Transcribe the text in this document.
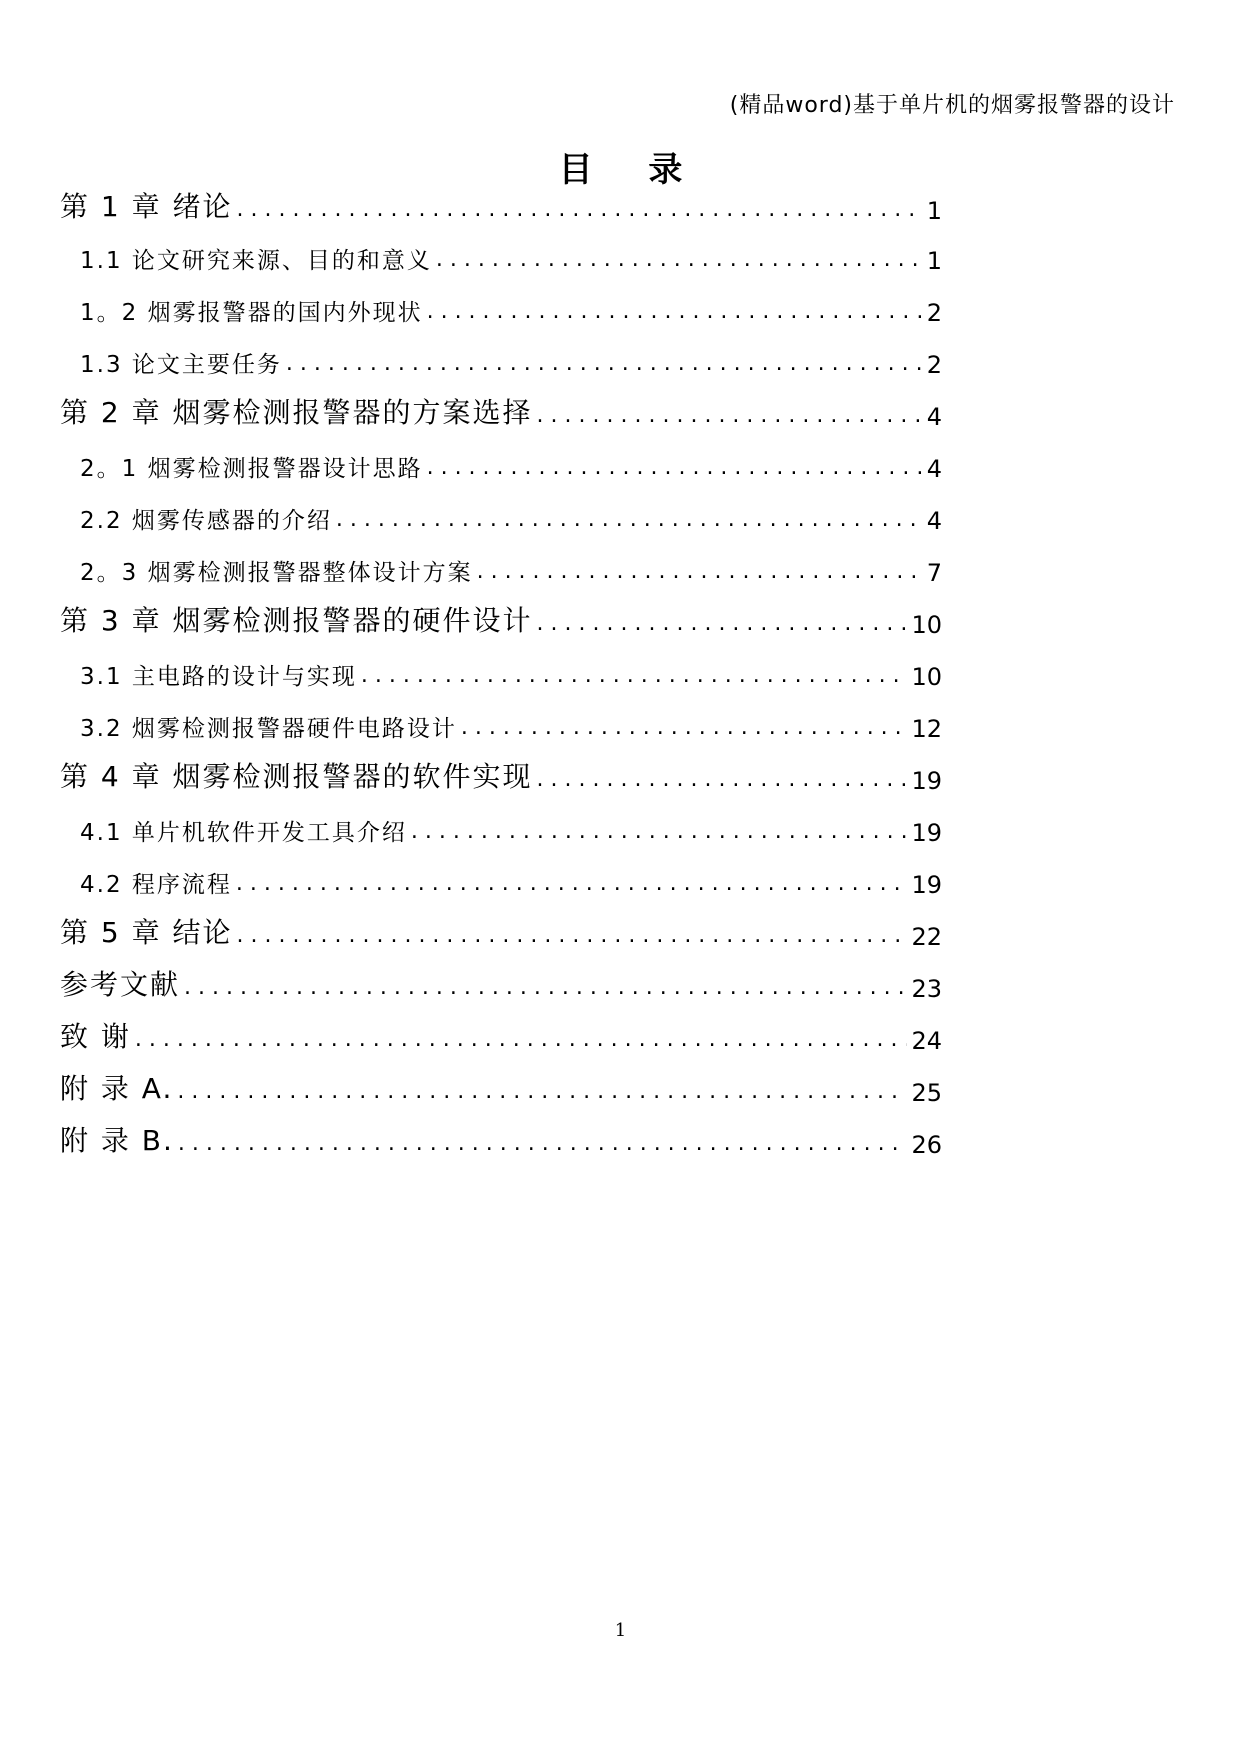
(精品word)基于单片机的烟雾报警器的设计
目 录
第 1 章 绪论 .....	1
1.1 论文研究来源、目的和意义 .....	1
1。2 烟雾报警器的国内外现状 .....	2
1.3 论文主要任务 .....	2
第 2 章 烟雾检测报警器的方案选择 .....	4
2。1 烟雾检测报警器设计思路 .....	4
2.2 烟雾传感器的介绍 .....	4
2。3 烟雾检测报警器整体设计方案 .....	7
第 3 章 烟雾检测报警器的硬件设计 .....	10
3.1 主电路的设计与实现 .....	10
3.2 烟雾检测报警器硬件电路设计 .....	12
第 4 章 烟雾检测报警器的软件实现 .....	19
4.1 单片机软件开发工具介绍 .....	19
4.2 程序流程 .....	19
第 5 章 结论 .....	22
参考文献 .....	23
致 谢 .....	24
附 录 A. .....	25
附 录 B. .....	26
1
